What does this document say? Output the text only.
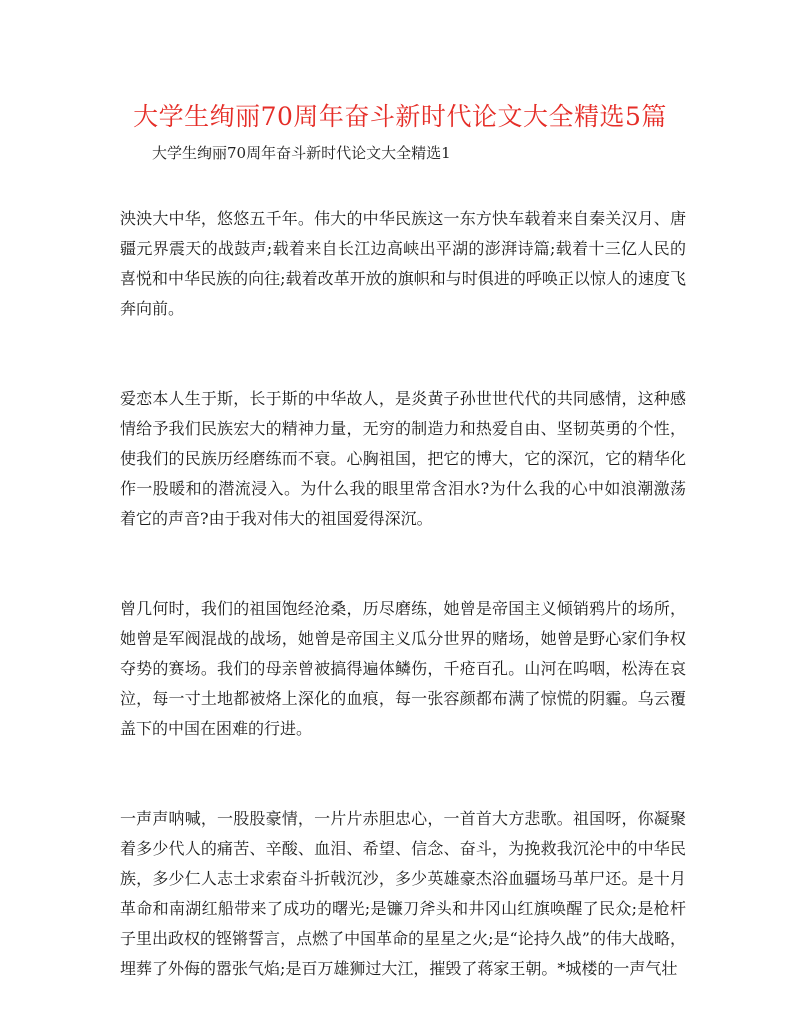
大学生绚丽70周年奋斗新时代论文大全精选5篇
大学生绚丽70周年奋斗新时代论文大全精选1

泱泱大中华，悠悠五千年。伟大的中华民族这一东方快车载着来自秦关汉月、唐疆元界震天的战鼓声;载着来自长江边高峡出平湖的澎湃诗篇;载着十三亿人民的喜悦和中华民族的向往;载着改革开放的旗帜和与时俱进的呼唤正以惊人的速度飞奔向前。

爱恋本人生于斯，长于斯的中华故人，是炎黄子孙世世代代的共同感情，这种感情给予我们民族宏大的精神力量，无穷的制造力和热爱自由、坚韧英勇的个性，使我们的民族历经磨练而不衰。心胸祖国，把它的博大，它的深沉，它的精华化作一股暖和的潜流浸入。为什么我的眼里常含泪水?为什么我的心中如浪潮激荡着它的声音?由于我对伟大的祖国爱得深沉。

曾几何时，我们的祖国饱经沧桑，历尽磨练，她曾是帝国主义倾销鸦片的场所，她曾是军阀混战的战场，她曾是帝国主义瓜分世界的赌场，她曾是野心家们争权夺势的赛场。我们的母亲曾被搞得遍体鳞伤，千疮百孔。山河在呜咽，松涛在哀泣，每一寸土地都被烙上深化的血痕，每一张容颜都布满了惊慌的阴霾。乌云覆盖下的中国在困难的行进。

一声声呐喊，一股股豪情，一片片赤胆忠心，一首首大方悲歌。祖国呀，你凝聚着多少代人的痛苦、辛酸、血泪、希望、信念、奋斗，为挽救我沉沦中的中华民族，多少仁人志士求索奋斗折戟沉沙，多少英雄豪杰浴血疆场马革尸还。是十月革命和南湖红船带来了成功的曙光;是镰刀斧头和井冈山红旗唤醒了民众;是枪杆子里出政权的铿锵誓言，点燃了中国革命的星星之火;是“论持久战”的伟大战略，埋葬了外侮的嚣张气焰;是百万雄狮过大江，摧毁了蒋家王朝。*城楼的一声气壮
